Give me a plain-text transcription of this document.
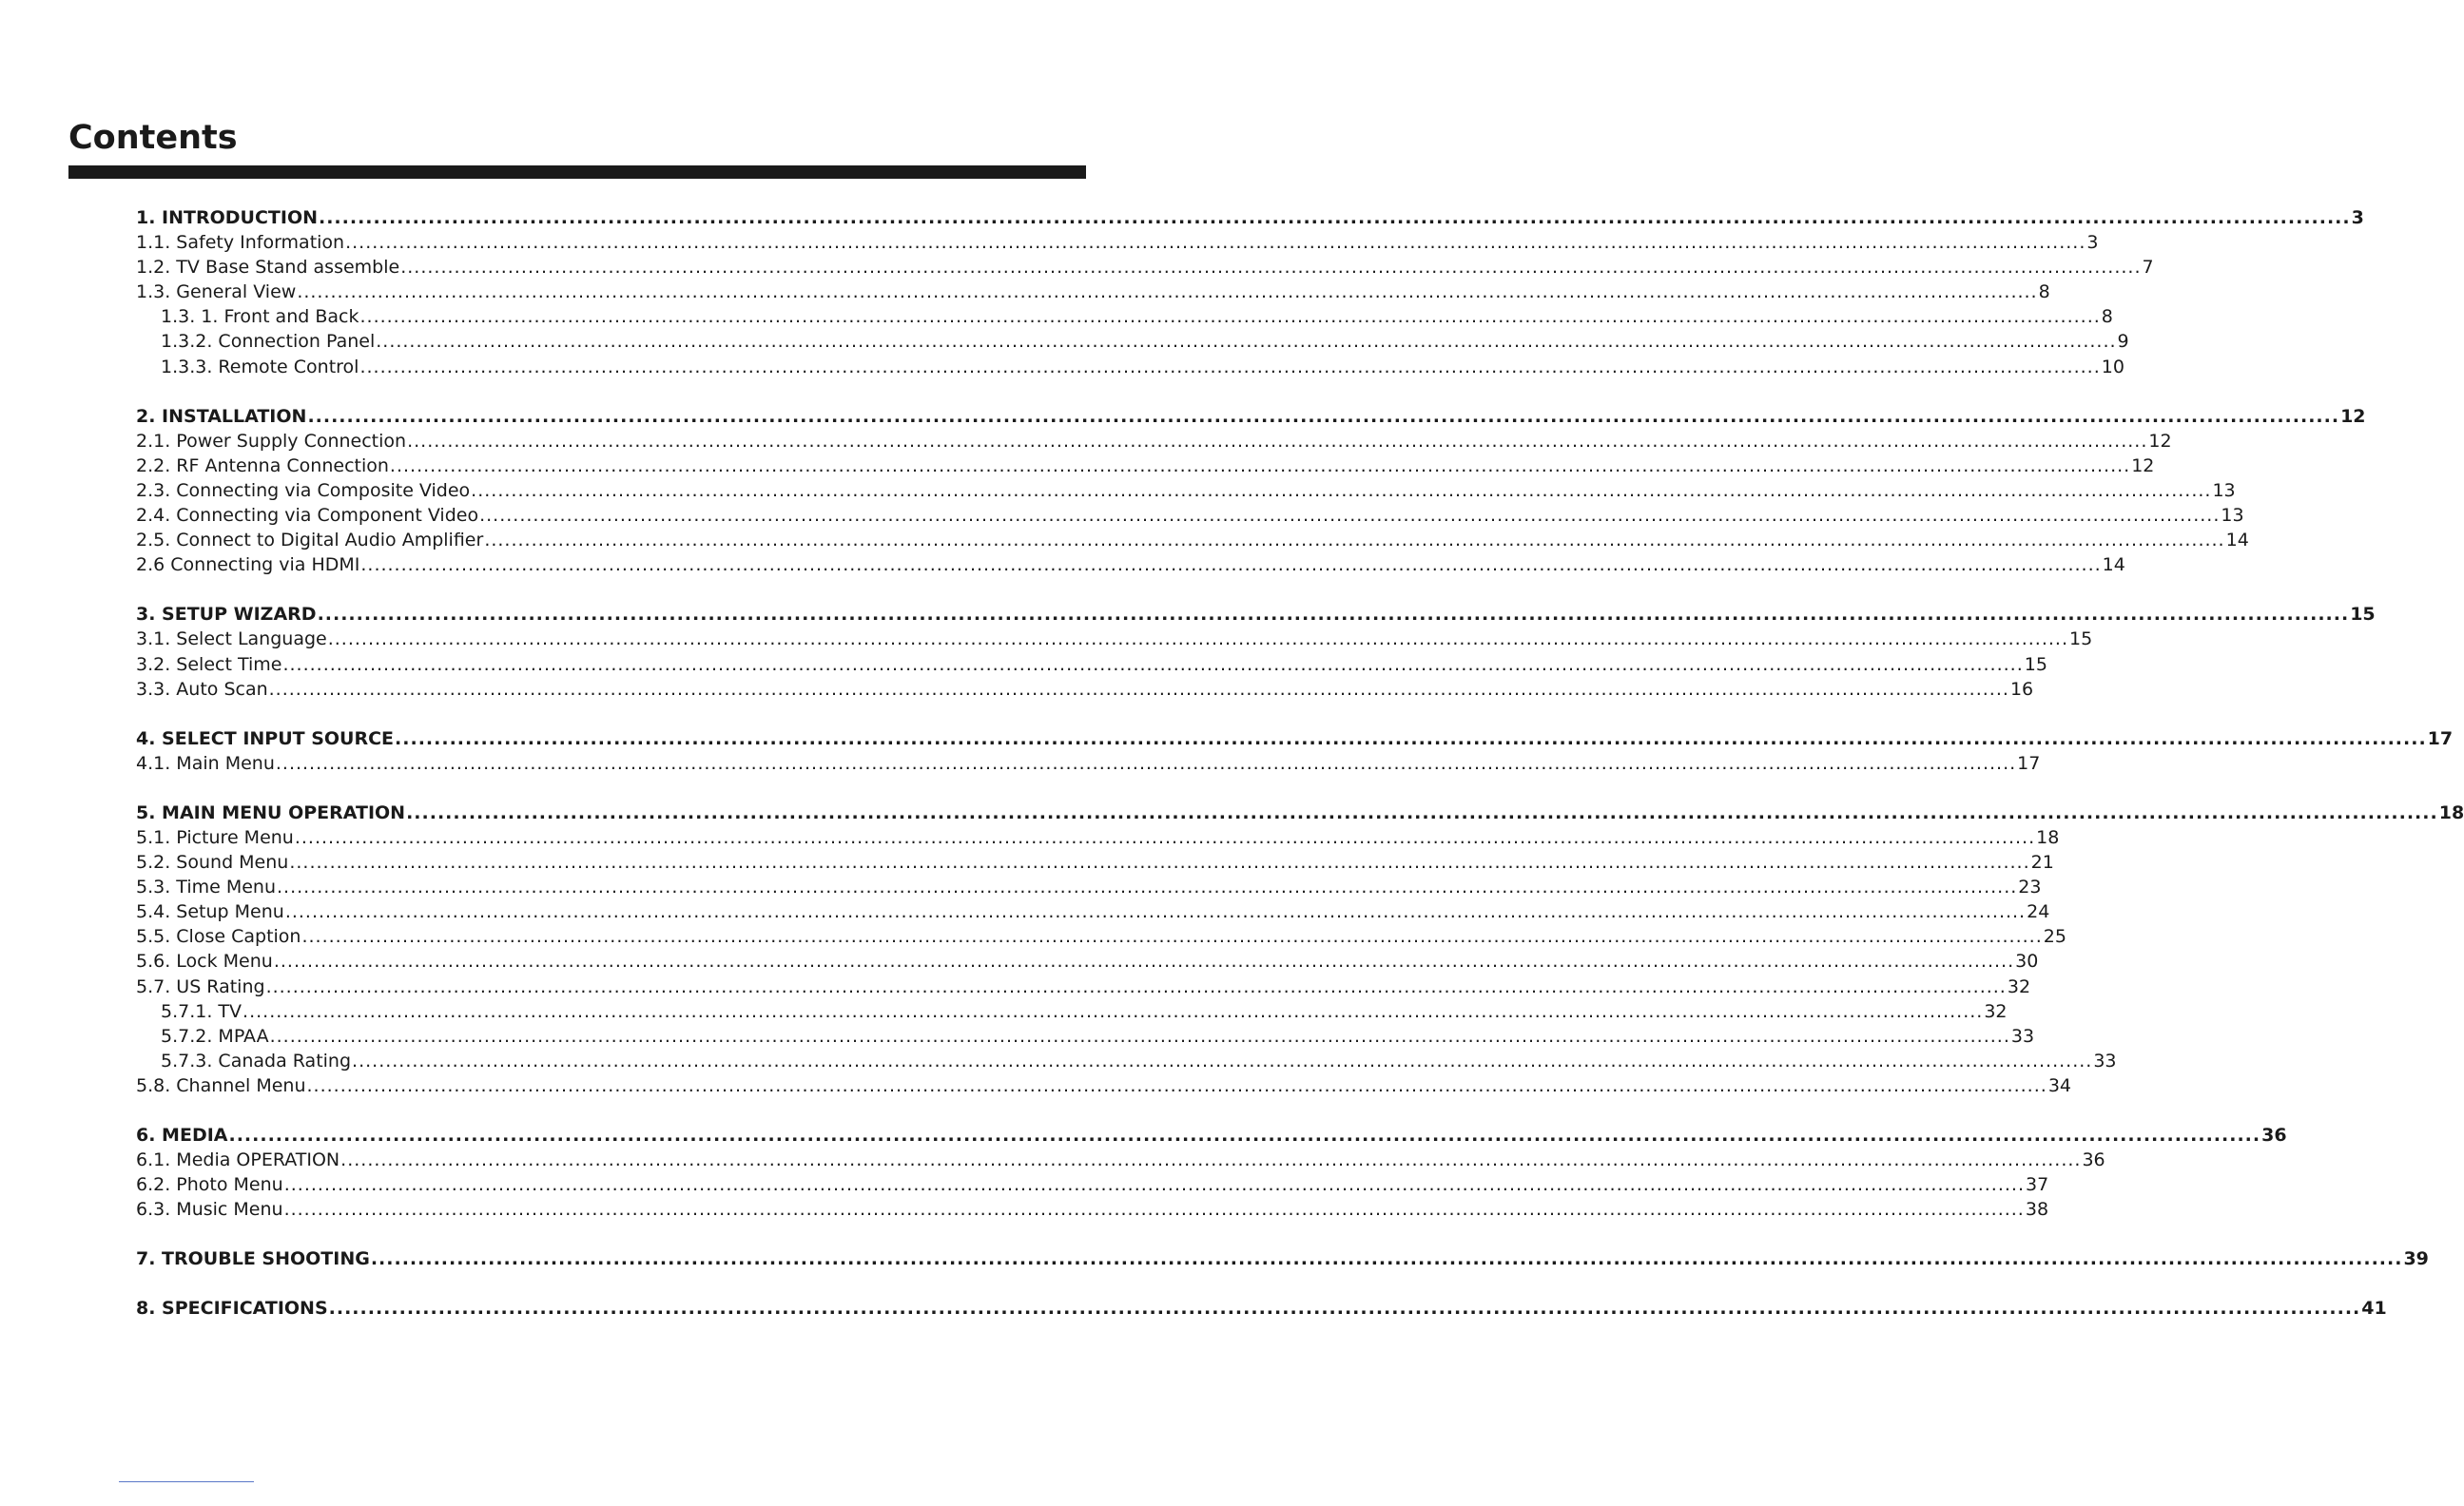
Contents
1. INTRODUCTION .................................................................................................................................................................................................................................................................... 3
1.1. Safety Information .................................................................................................................................................................................................................................................................... 3
1.2. TV Base Stand assemble .................................................................................................................................................................................................................................................................... 7
1.3. General View .................................................................................................................................................................................................................................................................... 8
1.3. 1. Front and Back .................................................................................................................................................................................................................................................................... 8
1.3.2. Connection Panel .................................................................................................................................................................................................................................................................... 9
1.3.3. Remote Control .................................................................................................................................................................................................................................................................... 10
2. INSTALLATION .................................................................................................................................................................................................................................................................... 12
2.1. Power Supply Connection .................................................................................................................................................................................................................................................................... 12
2.2. RF Antenna Connection .................................................................................................................................................................................................................................................................... 12
2.3. Connecting via Composite Video .................................................................................................................................................................................................................................................................... 13
2.4. Connecting via Component Video .................................................................................................................................................................................................................................................................... 13
2.5. Connect to Digital Audio Amplifier .................................................................................................................................................................................................................................................................... 14
2.6 Connecting via HDMI .................................................................................................................................................................................................................................................................... 14
3. SETUP WIZARD .................................................................................................................................................................................................................................................................... 15
3.1. Select Language .................................................................................................................................................................................................................................................................... 15
3.2. Select Time .................................................................................................................................................................................................................................................................... 15
3.3. Auto Scan .................................................................................................................................................................................................................................................................... 16
4. SELECT INPUT SOURCE .................................................................................................................................................................................................................................................................... 17
4.1. Main Menu .................................................................................................................................................................................................................................................................... 17
5. MAIN MENU OPERATION .................................................................................................................................................................................................................................................................... 18
5.1. Picture Menu .................................................................................................................................................................................................................................................................... 18
5.2. Sound Menu .................................................................................................................................................................................................................................................................... 21
5.3. Time Menu .................................................................................................................................................................................................................................................................... 23
5.4. Setup Menu .................................................................................................................................................................................................................................................................... 24
5.5. Close Caption .................................................................................................................................................................................................................................................................... 25
5.6. Lock Menu .................................................................................................................................................................................................................................................................... 30
5.7. US Rating .................................................................................................................................................................................................................................................................... 32
5.7.1. TV .................................................................................................................................................................................................................................................................... 32
5.7.2. MPAA .................................................................................................................................................................................................................................................................... 33
5.7.3. Canada Rating .................................................................................................................................................................................................................................................................... 33
5.8. Channel Menu .................................................................................................................................................................................................................................................................... 34
6. MEDIA .................................................................................................................................................................................................................................................................... 36
6.1. Media OPERATION .................................................................................................................................................................................................................................................................... 36
6.2. Photo Menu .................................................................................................................................................................................................................................................................... 37
6.3. Music Menu .................................................................................................................................................................................................................................................................... 38
7. TROUBLE SHOOTING .................................................................................................................................................................................................................................................................... 39
8. SPECIFICATIONS .................................................................................................................................................................................................................................................................... 41
